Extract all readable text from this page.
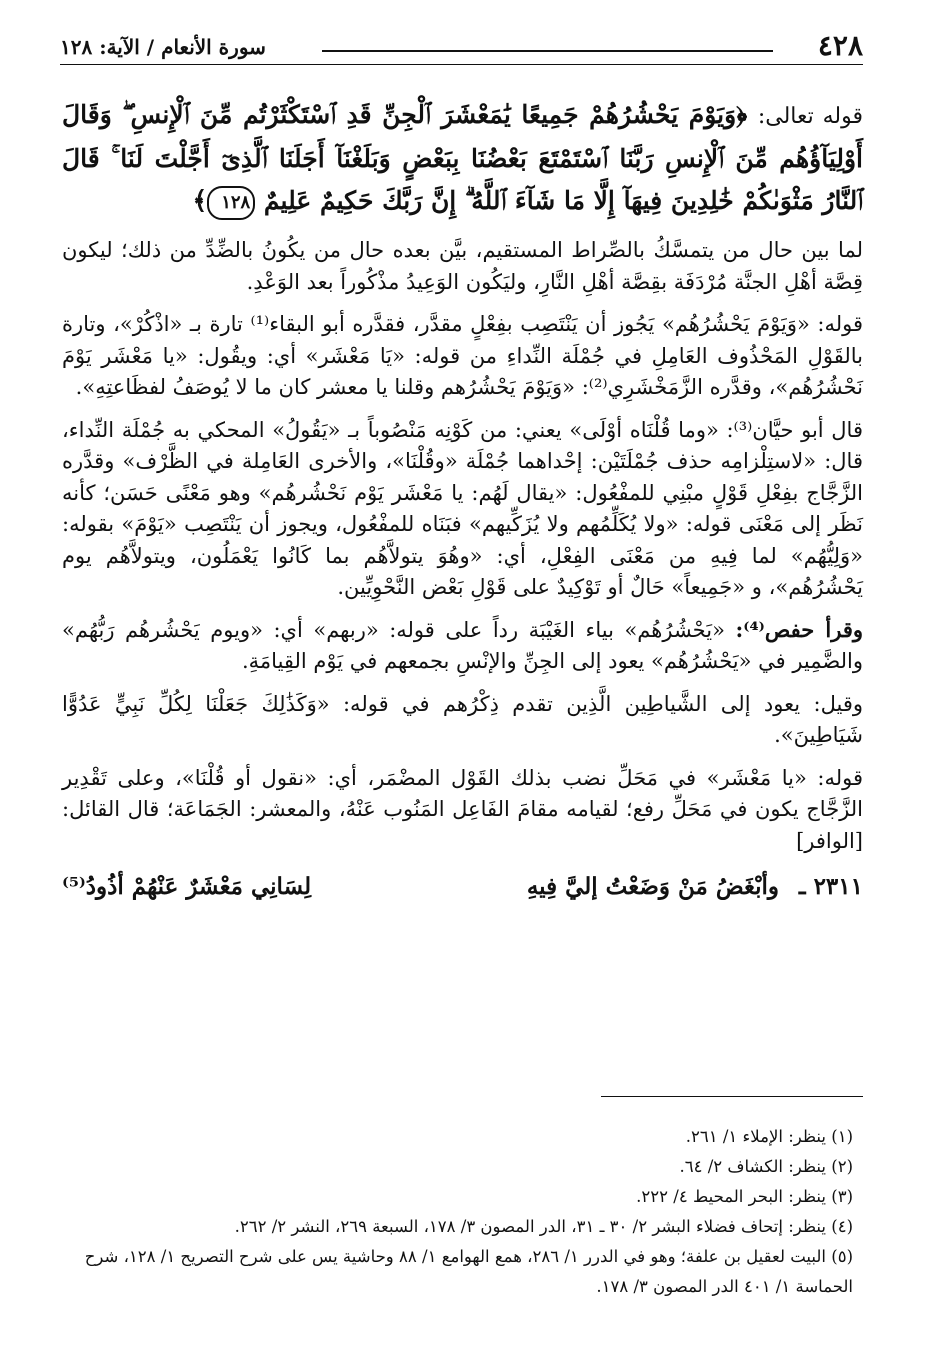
٤٢٨
سورة الأنعام / الآية: ١٢٨

قوله تعالى: ﴿وَيَوْمَ يَحْشُرُهُمْ جَمِيعًا يَٰمَعْشَرَ ٱلْجِنِّ قَدِ ٱسْتَكْثَرْتُم مِّنَ ٱلْإِنسِ ۖ وَقَالَ أَوْلِيَآؤُهُم مِّنَ ٱلْإِنسِ رَبَّنَا ٱسْتَمْتَعَ بَعْضُنَا بِبَعْضٍ وَبَلَغْنَآ أَجَلَنَا ٱلَّذِىٓ أَجَّلْتَ لَنَا ۚ قَالَ ٱلنَّارُ مَثْوَىٰكُمْ خَٰلِدِينَ فِيهَآ إِلَّا مَا شَآءَ ٱللَّهُ ۗ إِنَّ رَبَّكَ حَكِيمٌ عَلِيمٌ ١٢٨﴾

لما بين حال من يتمسَّكُ بالصِّراط المستقيم، بيَّن بعده حال من يكُونُ بالضِّدِّ من ذلك؛ ليكون قِصَّة أهْلِ الجنَّة مُرْدَفَة بقِصَّة أهْلِ النَّارِ، وليَكُون الوَعِيدُ مذْكُوراً بعد الوَعْدِ.

قوله: «وَيَوْمَ يَحْشُرُهُم» يَجُوز أن يَنْتَصِب بفِعْلٍ مقدَّر، فقدَّره أبو البقاء⁽¹⁾ تارة بـ «اذْكُرْ»، وتارة بالقَوْلِ المَحْذُوف العَامِلِ في جُمْلَة النِّداءِ من قوله: «يَا مَعْشَر» أي: ويقُول: «يا مَعْشَر يَوْمَ نَحْشُرُهُم»، وقدَّره الزَّمَخْشَرِي⁽²⁾: «وَيَوْمَ يَحْشُرُهم وقلنا يا معشر كان ما لا يُوصَفُ لفظَاعتِهِ».

قال أبو حيَّان⁽³⁾: «وما قُلْنَاه أوْلَى» يعني: من كَوْنِه مَنْصُوباً بـ «يَقُولُ» المحكي به جُمْلَة النِّداء، قال: «لاستِلْزامِه حذف جُمْلَتَيْن: إحْداهما جُمْلَة «وقُلْنَا»، والأخرى العَامِلة في الظَّرْف» وقدَّره الزَّجَّاج بفِعْلِ قَوْلٍ مبْنِي للمفْعُول: «يقال لَهُم: يا مَعْشَر يَوْم نَحْشُرهُم» وهو مَعْنًى حَسَن؛ كأنه نَظَر إلى مَعْنَى قوله: «ولا يُكَلِّمُهم ولا يُزَكِّيهم» فبَنَاه للمفْعُول، ويجوز أن يَنْتَصِب «يَوْمَ» بقوله: «وَلِيُّهُم» لما فِيهِ من مَعْنَى الفِعْلِ، أي: «وهُوَ يتولاَّهُم بما كَانُوا يَعْمَلُون، ويتولاَّهُم يوم يَحْشُرُهُم»، و «جَمِيعاً» حَالٌ أو تَوْكِيدٌ على قَوْلِ بَعْض النَّحْوِيِّين.

وقرأ حفص⁽⁴⁾: «يَحْشُرُهُم» بياء الغَيْبَة رداً على قوله: «ربهم» أي: «ويوم يَحْشُرهُم رَبُّهُم» والضَّمِير في «يَحْشُرُهُم» يعود إلى الجِنِّ والإنْسِ بجمعهم في يَوْم القِيامَةِ.

وقيل: يعود إلى الشَّياطِين الَّذِين تقدم ذِكْرُهم في قوله: «وَكَذَٰلِكَ جَعَلْنَا لِكُلِّ نَبِيٍّ عَدُوًّا شَيَاطِينَ».

قوله: «يا مَعْشَر» في مَحَلِّ نضب بذلك القَوْل المضْمَر، أي: «نقول أو قُلْنَا»، وعلى تَقْدِير الزَّجَّاج يكون في مَحَلِّ رفع؛ لقيامه مقامَ الفَاعِل المَنُوب عَنْهُ، والمعشر: الجَمَاعَة؛ قال القائل: [الوافر]

٢٣١١ ـ
وأبْغَضُ مَنْ وَضَعْتُ إليَّ فِيهِ
لِسَانِي مَعْشَرٌ عَنْهُمْ أذُودُ⁽⁵⁾

(١) ينظر: الإملاء ١/ ٢٦١.

(٢) ينظر: الكشاف ٢/ ٦٤.

(٣) ينظر: البحر المحيط ٤/ ٢٢٢.

(٤) ينظر: إتحاف فضلاء البشر ٢/ ٣٠ ـ ٣١، الدر المصون ٣/ ١٧٨، السبعة ٢٦٩، النشر ٢/ ٢٦٢.

(٥) البيت لعقيل بن علفة؛ وهو في الدرر ١/ ٢٨٦، همع الهوامع ١/ ٨٨ وحاشية يس على شرح التصريح ١/ ١٢٨، شرح الحماسة ١/ ٤٠١ الدر المصون ٣/ ١٧٨.
